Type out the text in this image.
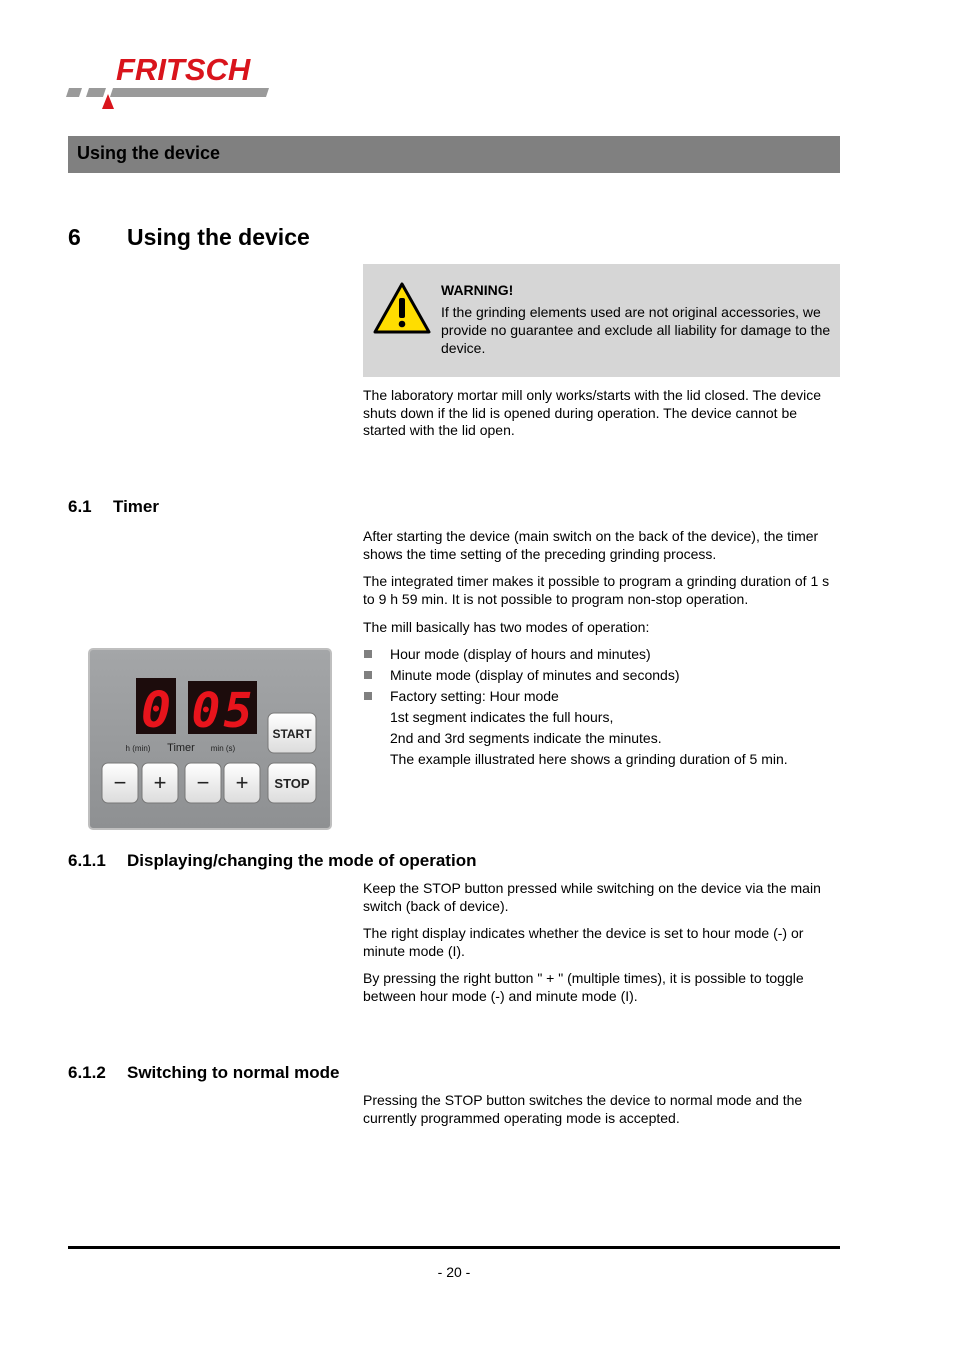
FRITSCH
Using the device
6 Using the device
WARNING!
If the grinding elements used are not original accessories, we provide no guarantee and exclude all liability for damage to the device.
The laboratory mortar mill only works/starts with the lid closed. The device shuts down if the lid is opened during operation. The device cannot be started with the lid open.
6.1 Timer
After starting the device (main switch on the back of the device), the timer shows the time setting of the preceding grinding process.
The integrated timer makes it possible to program a grinding duration of 1 s to 9 h 59 min. It is not possible to program non-stop operation.
The mill basically has two modes of operation:
Hour mode (display of hours and minutes)
Minute mode (display of minutes and seconds)
Factory setting: Hour mode
1st segment indicates the full hours,
2nd and 3rd segments indicate the minutes.
The example illustrated here shows a grinding duration of 5 min.
0 0 5
h (min) Timer min (s)
START
STOP
− + − +
6.1.1 Displaying/changing the mode of operation
Keep the STOP button pressed while switching on the device via the main switch (back of device).
The right display indicates whether the device is set to hour mode (-) or minute mode (I).
By pressing the right button " + " (multiple times), it is possible to toggle between hour mode (-) and minute mode (I).
6.1.2 Switching to normal mode
Pressing the STOP button switches the device to normal mode and the currently programmed operating mode is accepted.
- 20 -
